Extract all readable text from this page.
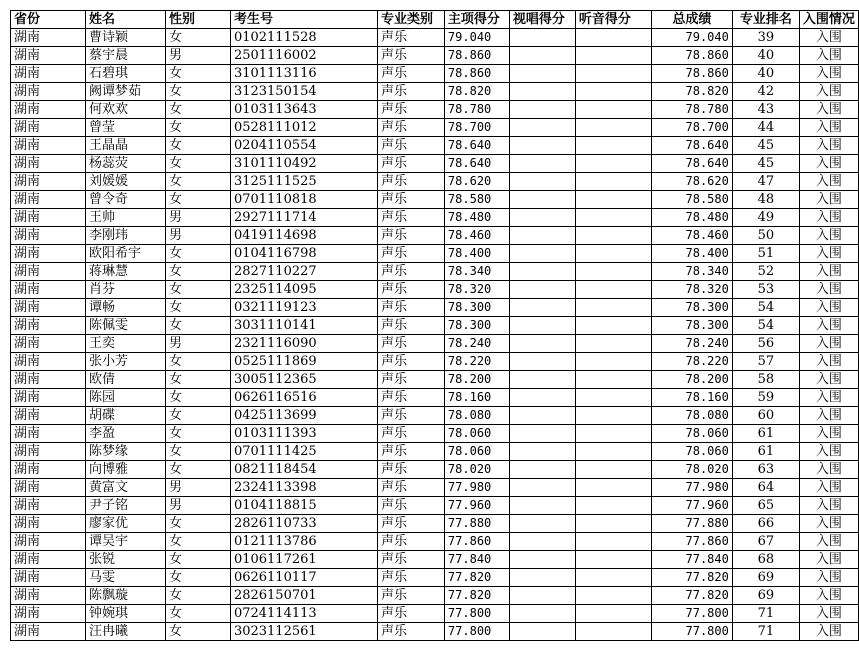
省份	姓名	性别	考生号	专业类别	主项得分	视唱得分	听音得分	总成绩	专业排名	入围情况
湖南	曹诗颖	女	0102111528	声乐	79.040			79.040	39	入围
湖南	蔡宇晨	男	2501116002	声乐	78.860			78.860	40	入围
湖南	石碧琪	女	3101113116	声乐	78.860			78.860	40	入围
湖南	阙谭梦茹	女	3123150154	声乐	78.820			78.820	42	入围
湖南	何欢欢	女	0103113643	声乐	78.780			78.780	43	入围
湖南	曾莹	女	0528111012	声乐	78.700			78.700	44	入围
湖南	王晶晶	女	0204110554	声乐	78.640			78.640	45	入围
湖南	杨蕊荧	女	3101110492	声乐	78.640			78.640	45	入围
湖南	刘媛媛	女	3125111525	声乐	78.620			78.620	47	入围
湖南	曾令奇	女	0701110818	声乐	78.580			78.580	48	入围
湖南	王帅	男	2927111714	声乐	78.480			78.480	49	入围
湖南	李刚玮	男	0419114698	声乐	78.460			78.460	50	入围
湖南	欧阳希宇	女	0104116798	声乐	78.400			78.400	51	入围
湖南	蒋琳慧	女	2827110227	声乐	78.340			78.340	52	入围
湖南	肖芬	女	2325114095	声乐	78.320			78.320	53	入围
湖南	谭畅	女	0321119123	声乐	78.300			78.300	54	入围
湖南	陈佩雯	女	3031110141	声乐	78.300			78.300	54	入围
湖南	王奕	男	2321116090	声乐	78.240			78.240	56	入围
湖南	张小芳	女	0525111869	声乐	78.220			78.220	57	入围
湖南	欧倩	女	3005112365	声乐	78.200			78.200	58	入围
湖南	陈园	女	0626116516	声乐	78.160			78.160	59	入围
湖南	胡碟	女	0425113699	声乐	78.080			78.080	60	入围
湖南	李盈	女	0103111393	声乐	78.060			78.060	61	入围
湖南	陈梦缘	女	0701111425	声乐	78.060			78.060	61	入围
湖南	向博雅	女	0821118454	声乐	78.020			78.020	63	入围
湖南	黄富文	男	2324113398	声乐	77.980			77.980	64	入围
湖南	尹子铭	男	0104118815	声乐	77.960			77.960	65	入围
湖南	廖家优	女	2826110733	声乐	77.880			77.880	66	入围
湖南	谭吴宇	女	0121113786	声乐	77.860			77.860	67	入围
湖南	张锐	女	0106117261	声乐	77.840			77.840	68	入围
湖南	马雯	女	0626110117	声乐	77.820			77.820	69	入围
湖南	陈飘璇	女	2826150701	声乐	77.820			77.820	69	入围
湖南	钟婉琪	女	0724114113	声乐	77.800			77.800	71	入围
湖南	汪冉曦	女	3023112561	声乐	77.800			77.800	71	入围
